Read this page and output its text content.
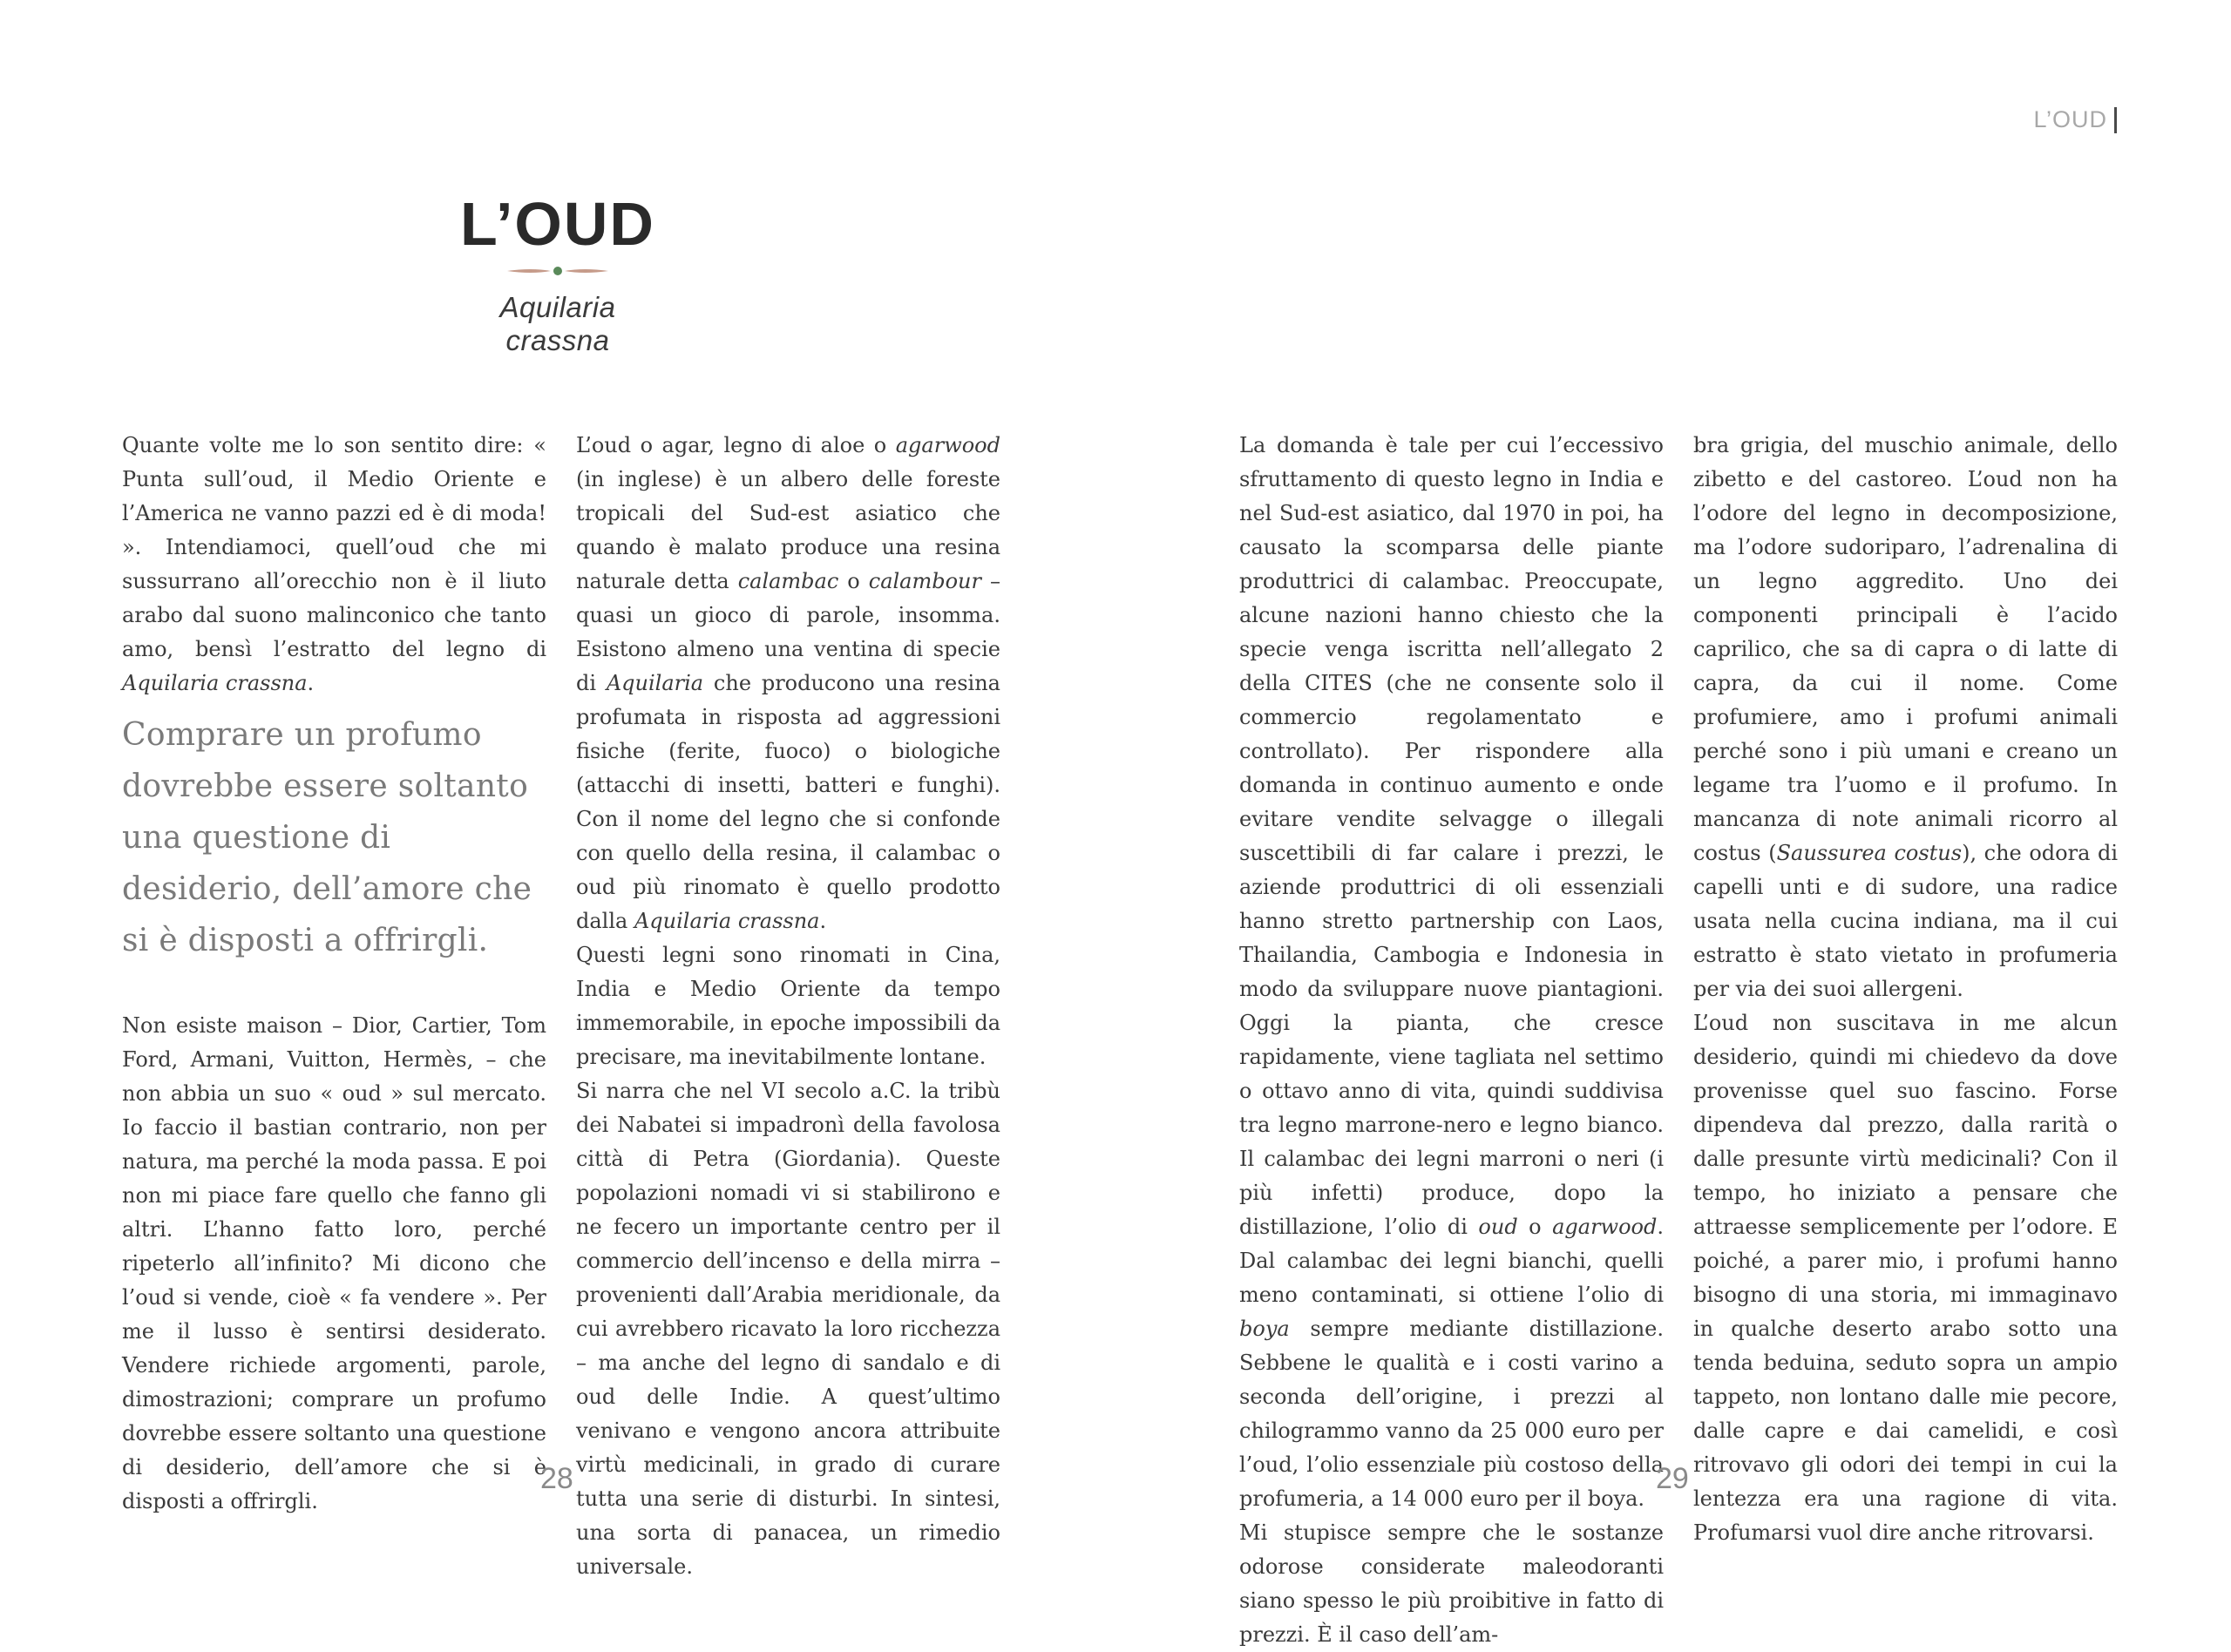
L’OUD
L’OUD
Aquilaria crassna

Quante volte me lo son sentito dire: « Punta sull’oud, il Medio Oriente e l’America ne vanno pazzi ed è di moda! ». Intendiamoci, quell’oud che mi sussurrano all’orecchio non è il liuto arabo dal suono malinconico che tanto amo, bensì l’estratto del legno di Aquilaria crassna.

Comprare un profumo dovrebbe essere soltanto una questione di desiderio, dell’amore che si è disposti a offrirgli.

Non esiste maison – Dior, Cartier, Tom Ford, Armani, Vuitton, Hermès, – che non abbia un suo « oud » sul mercato. Io faccio il bastian contrario, non per natura, ma perché la moda passa. E poi non mi piace fare quello che fanno gli altri. L’hanno fatto loro, perché ripeterlo all’infinito? Mi dicono che l’oud si vende, cioè « fa vendere ». Per me il lusso è sentirsi desiderato. Vendere richiede argomenti, parole, dimostrazioni; comprare un profumo dovrebbe essere soltanto una questione di desiderio, dell’amore che si è disposti a offrirgli.

L’oud o agar, legno di aloe o agarwood (in inglese) è un albero delle foreste tropicali del Sud-est asiatico che quando è malato produce una resina naturale detta calambac o calambour – quasi un gioco di parole, insomma. Esistono almeno una ventina di specie di Aquilaria che producono una resina profumata in risposta ad aggressioni fisiche (ferite, fuoco) o biologiche (attacchi di insetti, batteri e funghi). Con il nome del legno che si confonde con quello della resina, il calambac o oud più rinomato è quello prodotto dalla Aquilaria crassna.

Questi legni sono rinomati in Cina, India e Medio Oriente da tempo immemorabile, in epoche impossibili da precisare, ma inevitabilmente lontane.

Si narra che nel VI secolo a.C. la tribù dei Nabatei si impadronì della favolosa città di Petra (Giordania). Queste popolazioni nomadi vi si stabilirono e ne fecero un importante centro per il commercio dell’incenso e della mirra – provenienti dall’Arabia meridionale, da cui avrebbero ricavato la loro ricchezza – ma anche del legno di sandalo e di oud delle Indie. A quest’ultimo venivano e vengono ancora attribuite virtù medicinali, in grado di curare tutta una serie di disturbi. In sintesi, una sorta di panacea, un rimedio universale.

28

La domanda è tale per cui l’eccessivo sfruttamento di questo legno in India e nel Sud-est asiatico, dal 1970 in poi, ha causato la scomparsa delle piante produttrici di calambac. Preoccupate, alcune nazioni hanno chiesto che la specie venga iscritta nell’allegato 2 della CITES (che ne consente solo il commercio regolamentato e controllato). Per rispondere alla domanda in continuo aumento e onde evitare vendite selvagge o illegali suscettibili di far calare i prezzi, le aziende produttrici di oli essenziali hanno stretto partnership con Laos, Thailandia, Cambogia e Indonesia in modo da sviluppare nuove piantagioni. Oggi la pianta, che cresce rapidamente, viene tagliata nel settimo o ottavo anno di vita, quindi suddivisa tra legno marrone-nero e legno bianco. Il calambac dei legni marroni o neri (i più infetti) produce, dopo la distillazione, l’olio di oud o agarwood. Dal calambac dei legni bianchi, quelli meno contaminati, si ottiene l’olio di boya sempre mediante distillazione. Sebbene le qualità e i costi varino a seconda dell’origine, i prezzi al chilogrammo vanno da 25 000 euro per l’oud, l’olio essenziale più costoso della profumeria, a 14 000 euro per il boya.

Mi stupisce sempre che le sostanze odorose considerate maleodoranti siano spesso le più proibitive in fatto di prezzi. È il caso dell’am-

bra grigia, del muschio animale, dello zibetto e del castoreo. L’oud non ha l’odore del legno in decomposizione, ma l’odore sudoriparo, l’adrenalina di un legno aggredito. Uno dei componenti principali è l’acido caprilico, che sa di capra o di latte di capra, da cui il nome. Come profumiere, amo i profumi animali perché sono i più umani e creano un legame tra l’uomo e il profumo. In mancanza di note animali ricorro al costus (Saussurea costus), che odora di capelli unti e di sudore, una radice usata nella cucina indiana, ma il cui estratto è stato vietato in profumeria per via dei suoi allergeni.

L’oud non suscitava in me alcun desiderio, quindi mi chiedevo da dove provenisse quel suo fascino. Forse dipendeva dal prezzo, dalla rarità o dalle presunte virtù medicinali? Con il tempo, ho iniziato a pensare che attraesse semplicemente per l’odore. E poiché, a parer mio, i profumi hanno bisogno di una storia, mi immaginavo in qualche deserto arabo sotto una tenda beduina, seduto sopra un ampio tappeto, non lontano dalle mie pecore, dalle capre e dai camelidi, e così ritrovavo gli odori dei tempi in cui la lentezza era una ragione di vita. Profumarsi vuol dire anche ritrovarsi.

29
